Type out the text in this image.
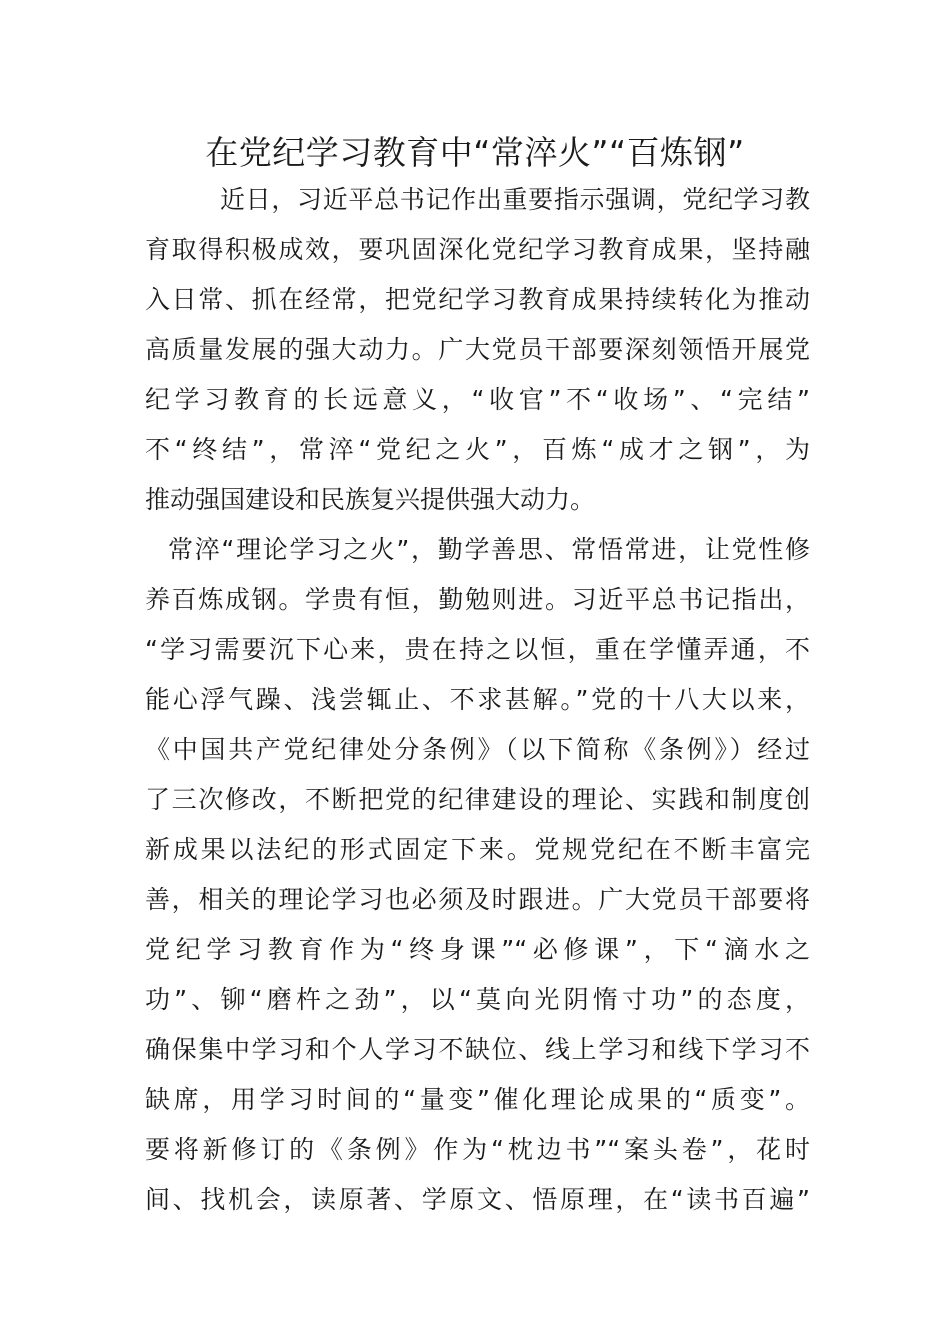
在党纪学习教育中“常淬火”“百炼钢”

近日，习近平总书记作出重要指示强调，党纪学习教

育取得积极成效，要巩固深化党纪学习教育成果，坚持融

入日常、抓在经常，把党纪学习教育成果持续转化为推动

高质量发展的强大动力。广大党员干部要深刻领悟开展党

纪学习教育的长远意义，“收官”不“收场”、“完结”

不“终结”，常淬“党纪之火”，百炼“成才之钢”，为

推动强国建设和民族复兴提供强大动力。

常淬“理论学习之火”，勤学善思、常悟常进，让党性修

养百炼成钢。学贵有恒，勤勉则进。习近平总书记指出，

“学习需要沉下心来，贵在持之以恒，重在学懂弄通，不

能心浮气躁、浅尝辄止、不求甚解。”党的十八大以来，

《中国共产党纪律处分条例》（以下简称《条例》）经过

了三次修改，不断把党的纪律建设的理论、实践和制度创

新成果以法纪的形式固定下来。党规党纪在不断丰富完

善，相关的理论学习也必须及时跟进。广大党员干部要将

党纪学习教育作为“终身课”“必修课”，下“滴水之

功”、铆“磨杵之劲”，以“莫向光阴惰寸功”的态度，

确保集中学习和个人学习不缺位、线上学习和线下学习不

缺席，用学习时间的“量变”催化理论成果的“质变”。

要将新修订的《条例》作为“枕边书”“案头卷”，花时

间、找机会，读原著、学原文、悟原理，在“读书百遍”
